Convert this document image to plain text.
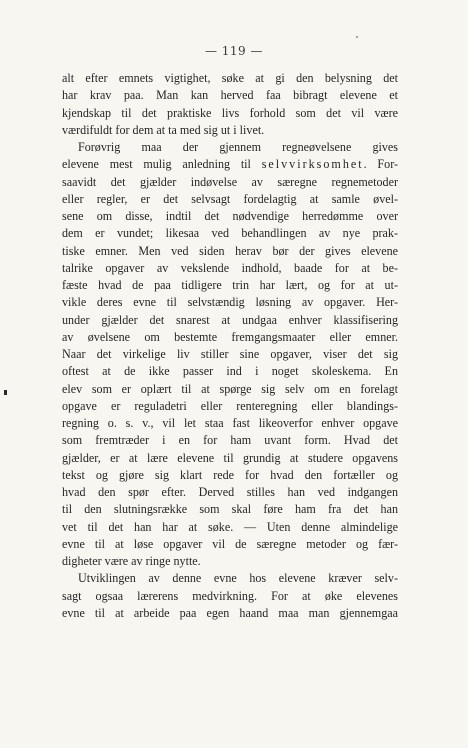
— 119 —
alt efter emnets vigtighet, søke at gi den belysning det
har krav paa. Man kan herved faa bibragt elevene et
kjendskap til det praktiske livs forhold som det vil være
værdifuldt for dem at ta med sig ut i livet.
Forøvrig maa der gjennem regneøvelsene gives
elevene mest mulig anledning til selvvirksomhet. For-
saavidt det gjælder indøvelse av særegne regnemetoder
eller regler, er det selvsagt fordelagtig at samle øvel-
sene om disse, indtil det nødvendige herredømme over
dem er vundet; likesaa ved behandlingen av nye prak-
tiske emner. Men ved siden herav bør der gives elevene
talrike opgaver av vekslende indhold, baade for at be-
fæste hvad de paa tidligere trin har lært, og for at ut-
vikle deres evne til selvstændig løsning av opgaver. Her-
under gjælder det snarest at undgaa enhver klassifisering
av øvelsene om bestemte fremgangsmaater eller emner.
Naar det virkelige liv stiller sine opgaver, viser det sig
oftest at de ikke passer ind i noget skoleskema. En
elev som er oplært til at spørge sig selv om en forelagt
opgave er reguladetri eller renteregning eller blandings-
regning o. s. v., vil let staa fast likeoverfor enhver opgave
som fremtræder i en for ham uvant form. Hvad det
gjælder, er at lære elevene til grundig at studere opgavens
tekst og gjøre sig klart rede for hvad den fortæller og
hvad den spør efter. Derved stilles han ved indgangen
til den slutningsrække som skal føre ham fra det han
vet til det han har at søke. — Uten denne almindelige
evne til at løse opgaver vil de særegne metoder og fær-
digheter være av ringe nytte.
Utviklingen av denne evne hos elevene kræver selv-
sagt ogsaa lærerens medvirkning. For at øke elevenes
evne til at arbeide paa egen haand maa man gjennemgaa
